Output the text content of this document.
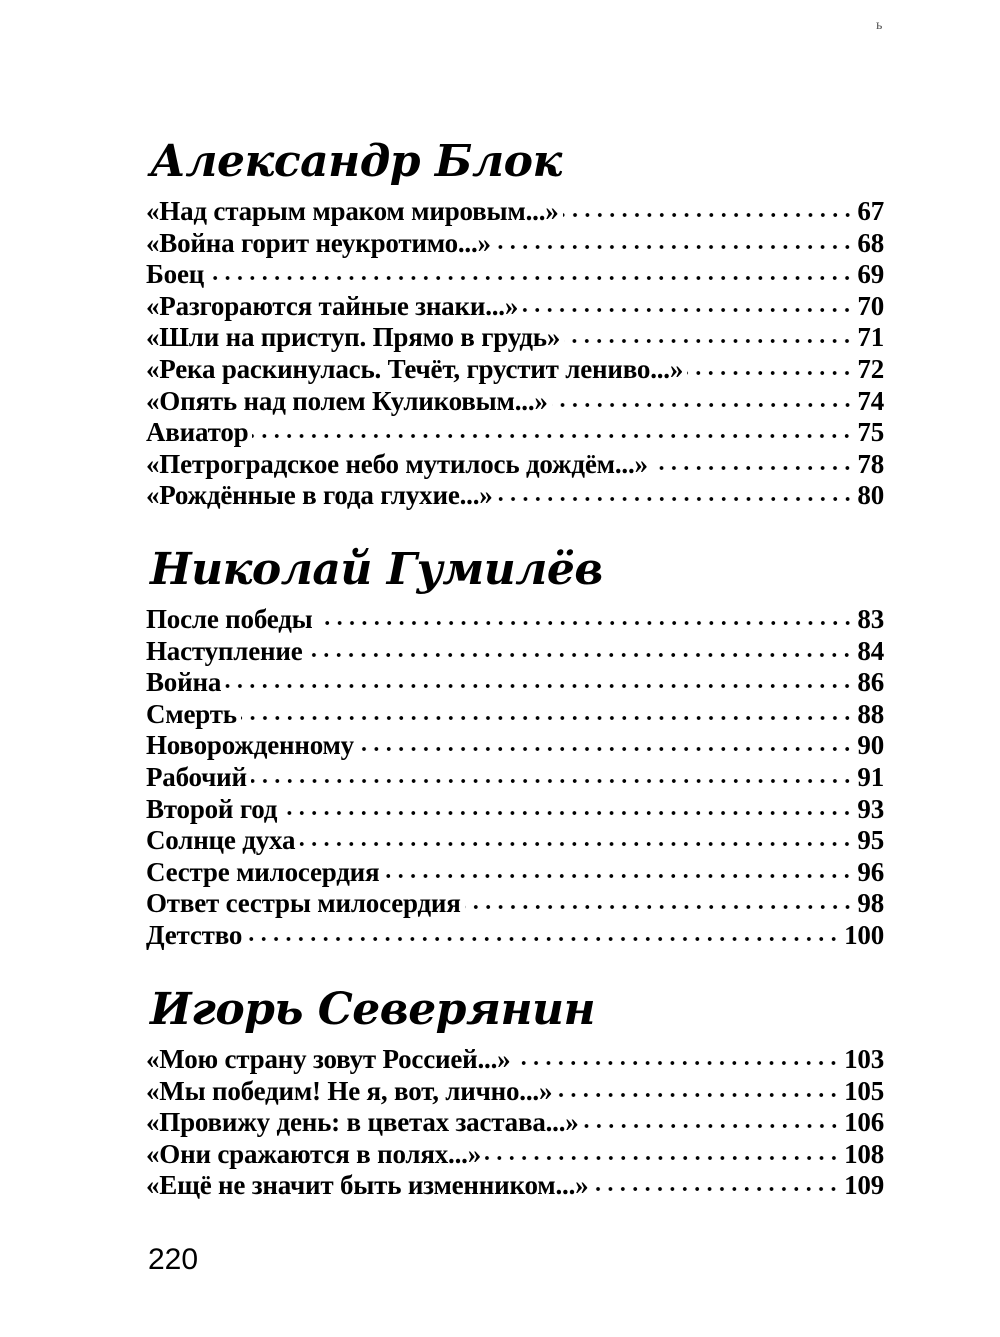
ь
Александр Блок
«Над старым мраком мировым...»	67
«Война горит неукротимо...»	68
Боец	69
«Разгораются тайные знаки...»	70
«Шли на приступ. Прямо в грудь»	71
«Река раскинулась. Течёт, грустит лениво...»	72
«Опять над полем Куликовым...»	74
Авиатор	75
«Петроградское небо мутилось дождём...»	78
«Рождённые в года глухие...»	80
Николай Гумилёв
После победы	83
Наступление	84
Война	86
Смерть	88
Новорожденному	90
Рабочий	91
Второй год	93
Солнце духа	95
Сестре милосердия	96
Ответ сестры милосердия	98
Детство	100
Игорь Северянин
«Мою страну зовут Россией...»	103
«Мы победим! Не я, вот, лично...»	105
«Провижу день: в цветах застава...»	106
«Они сражаются в полях...»	108
«Ещё не значит быть изменником...»	109
220
